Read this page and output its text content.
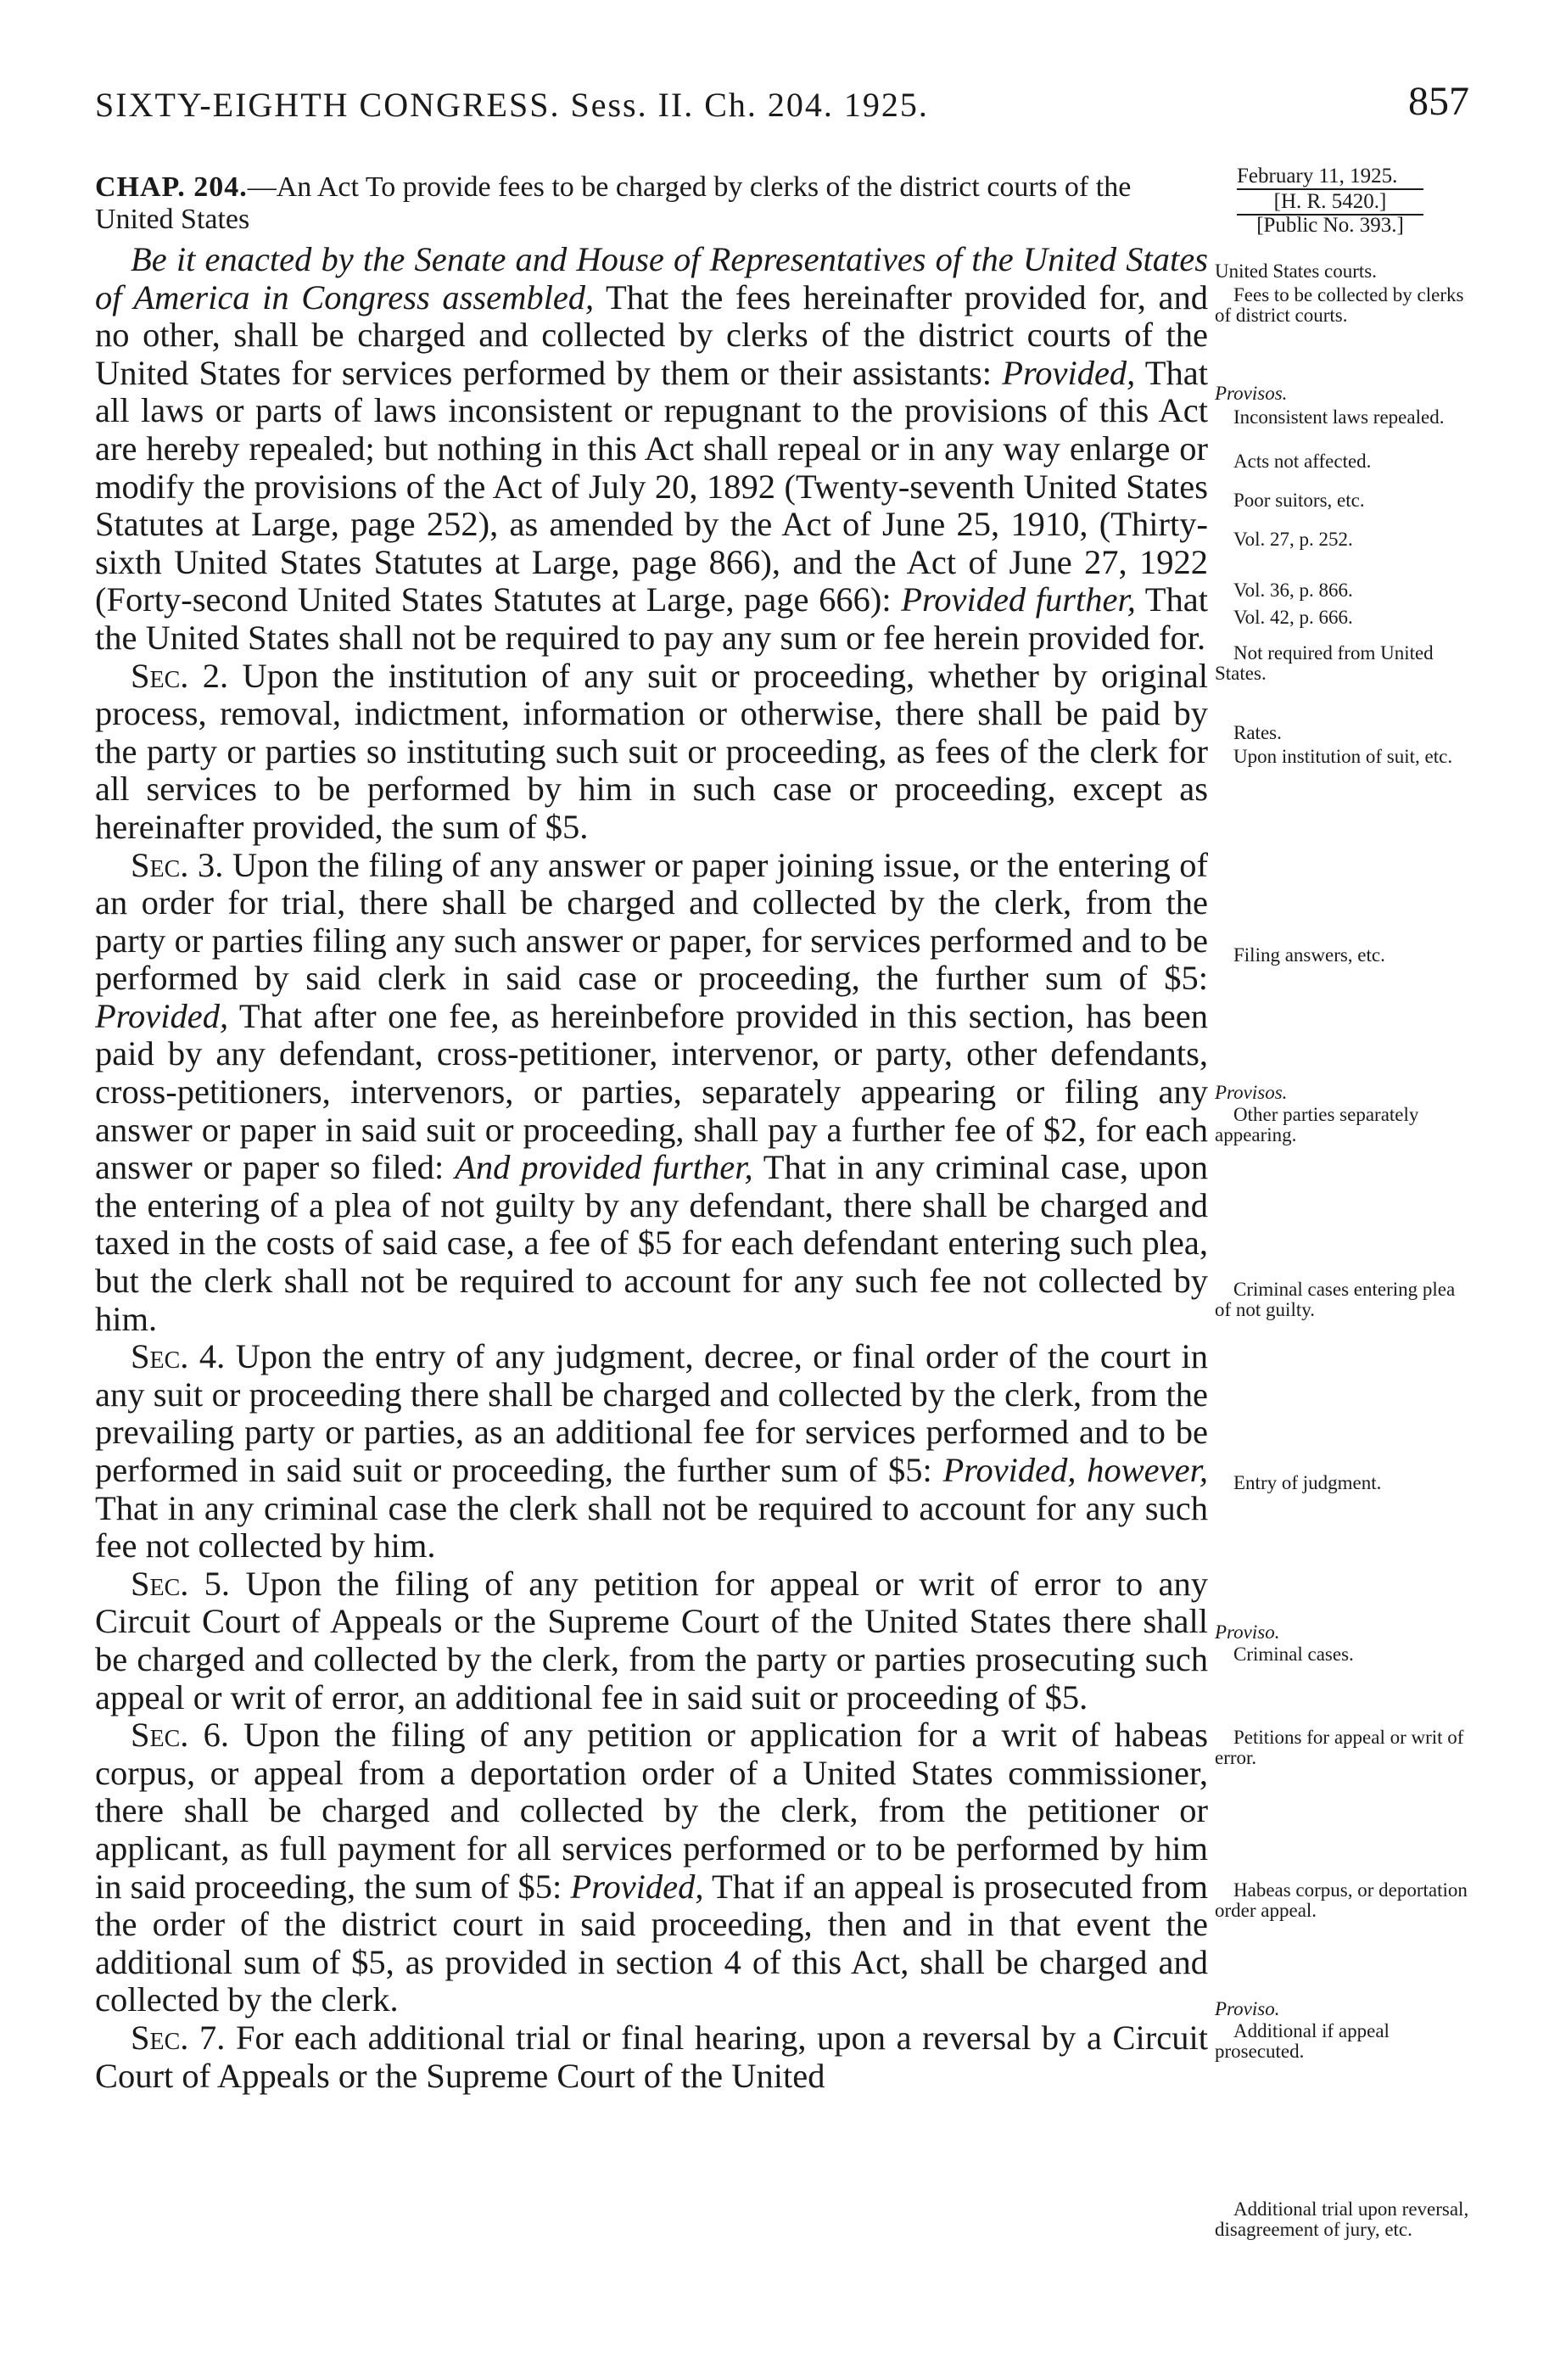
SIXTY-EIGHTH CONGRESS. Sess. II. Ch. 204. 1925.	857
CHAP. 204.—An Act To provide fees to be charged by clerks of the district courts of the United States
February 11, 1925.
[H. R. 5420.]
[Public No. 393.]

Be it enacted by the Senate and House of Representatives of the United States of America in Congress assembled, That the fees hereinafter provided for, and no other, shall be charged and collected by clerks of the district courts of the United States for services performed by them or their assistants: Provided, That all laws or parts of laws inconsistent or repugnant to the provisions of this Act are hereby repealed; but nothing in this Act shall repeal or in any way enlarge or modify the provisions of the Act of July 20, 1892 (Twenty-seventh United States Statutes at Large, page 252), as amended by the Act of June 25, 1910, (Thirty-sixth United States Statutes at Large, page 866), and the Act of June 27, 1922 (Forty-second United States Statutes at Large, page 666): Provided further, That the United States shall not be required to pay any sum or fee herein provided for.

Sec. 2. Upon the institution of any suit or proceeding, whether by original process, removal, indictment, information or otherwise, there shall be paid by the party or parties so instituting such suit or proceeding, as fees of the clerk for all services to be performed by him in such case or proceeding, except as hereinafter provided, the sum of $5.

Sec. 3. Upon the filing of any answer or paper joining issue, or the entering of an order for trial, there shall be charged and collected by the clerk, from the party or parties filing any such answer or paper, for services performed and to be performed by said clerk in said case or proceeding, the further sum of $5: Provided, That after one fee, as hereinbefore provided in this section, has been paid by any defendant, cross-petitioner, intervenor, or party, other defendants, cross-petitioners, intervenors, or parties, separately appearing or filing any answer or paper in said suit or proceeding, shall pay a further fee of $2, for each answer or paper so filed: And provided further, That in any criminal case, upon the entering of a plea of not guilty by any defendant, there shall be charged and taxed in the costs of said case, a fee of $5 for each defendant entering such plea, but the clerk shall not be required to account for any such fee not collected by him.

Sec. 4. Upon the entry of any judgment, decree, or final order of the court in any suit or proceeding there shall be charged and collected by the clerk, from the prevailing party or parties, as an additional fee for services performed and to be performed in said suit or proceeding, the further sum of $5: Provided, however, That in any criminal case the clerk shall not be required to account for any such fee not collected by him.

Sec. 5. Upon the filing of any petition for appeal or writ of error to any Circuit Court of Appeals or the Supreme Court of the United States there shall be charged and collected by the clerk, from the party or parties prosecuting such appeal or writ of error, an additional fee in said suit or proceeding of $5.

Sec. 6. Upon the filing of any petition or application for a writ of habeas corpus, or appeal from a deportation order of a United States commissioner, there shall be charged and collected by the clerk, from the petitioner or applicant, as full payment for all services performed or to be performed by him in said proceeding, the sum of $5: Provided, That if an appeal is prosecuted from the order of the district court in said proceeding, then and in that event the additional sum of $5, as provided in section 4 of this Act, shall be charged and collected by the clerk.

Sec. 7. For each additional trial or final hearing, upon a reversal by a Circuit Court of Appeals or the Supreme Court of the United

United States courts.
Fees to be collected by clerks of district courts.
Provisos.
Inconsistent laws repealed.
Acts not affected.
Poor suitors, etc.
Vol. 27, p. 252.
Vol. 36, p. 866.
Vol. 42, p. 666.
Not required from United States.
Rates.
Upon institution of suit, etc.
Filing answers, etc.
Provisos.
Other parties separately appearing.
Criminal cases entering plea of not guilty.
Entry of judgment.
Proviso.
Criminal cases.
Petitions for appeal or writ of error.
Habeas corpus, or deportation order appeal.
Proviso.
Additional if appeal prosecuted.
Additional trial upon reversal, disagreement of jury, etc.
